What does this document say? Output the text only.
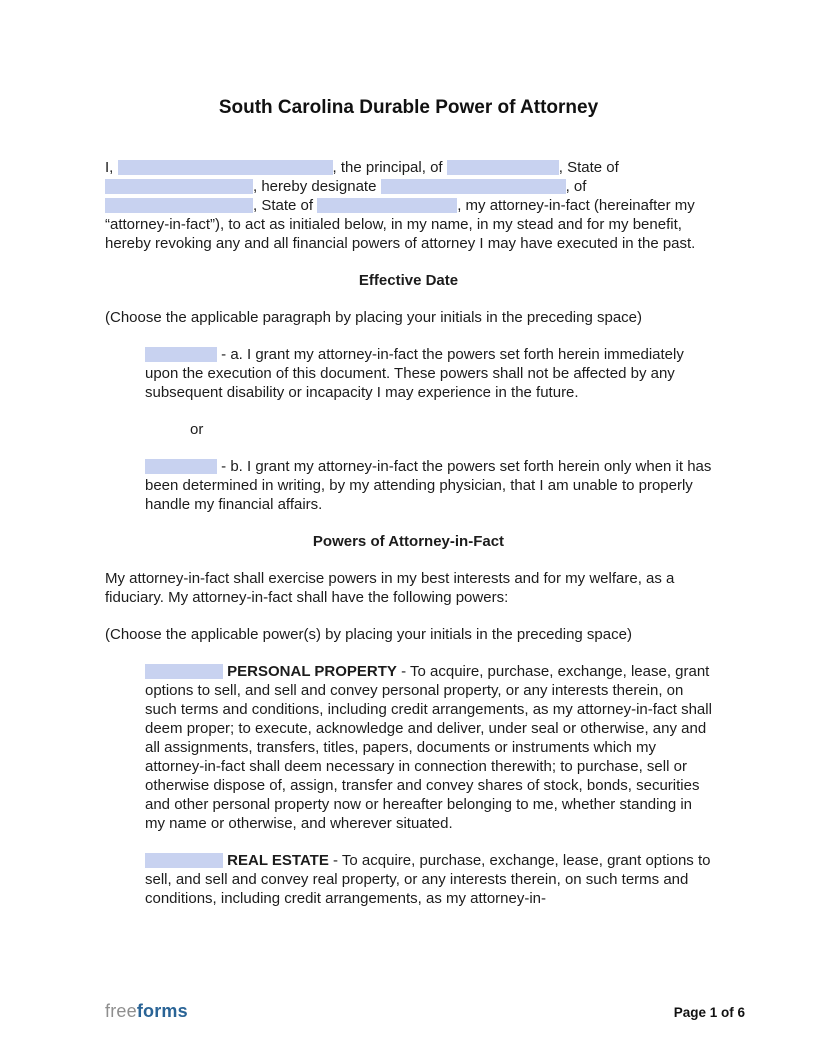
South Carolina Durable Power of Attorney

I,	, the principal, of	, State of , hereby designate	, of , State of	, my attorney-in-fact (hereinafter my “attorney-in-fact”), to act as initialed below, in my name, in my stead and for my benefit, hereby revoking any and all financial powers of attorney I may have executed in the past.

Effective Date

(Choose the applicable paragraph by placing your initials in the preceding space)

- a. I grant my attorney-in-fact the powers set forth herein immediately upon the execution of this document. These powers shall not be affected by any subsequent disability or incapacity I may experience in the future.

or

- b. I grant my attorney-in-fact the powers set forth herein only when it has been determined in writing, by my attending physician, that I am unable to properly handle my financial affairs.

Powers of Attorney-in-Fact

My attorney-in-fact shall exercise powers in my best interests and for my welfare, as a fiduciary. My attorney-in-fact shall have the following powers:

(Choose the applicable power(s) by placing your initials in the preceding space)

PERSONAL PROPERTY - To acquire, purchase, exchange, lease, grant options to sell, and sell and convey personal property, or any interests therein, on such terms and conditions, including credit arrangements, as my attorney-in-fact shall deem proper; to execute, acknowledge and deliver, under seal or otherwise, any and all assignments, transfers, titles, papers, documents or instruments which my attorney-in-fact shall deem necessary in connection therewith; to purchase, sell or otherwise dispose of, assign, transfer and convey shares of stock, bonds, securities and other personal property now or hereafter belonging to me, whether standing in my name or otherwise, and wherever situated.

REAL ESTATE - To acquire, purchase, exchange, lease, grant options to sell, and sell and convey real property, or any interests therein, on such terms and conditions, including credit arrangements, as my attorney-in-

freeforms	Page 1 of 6
